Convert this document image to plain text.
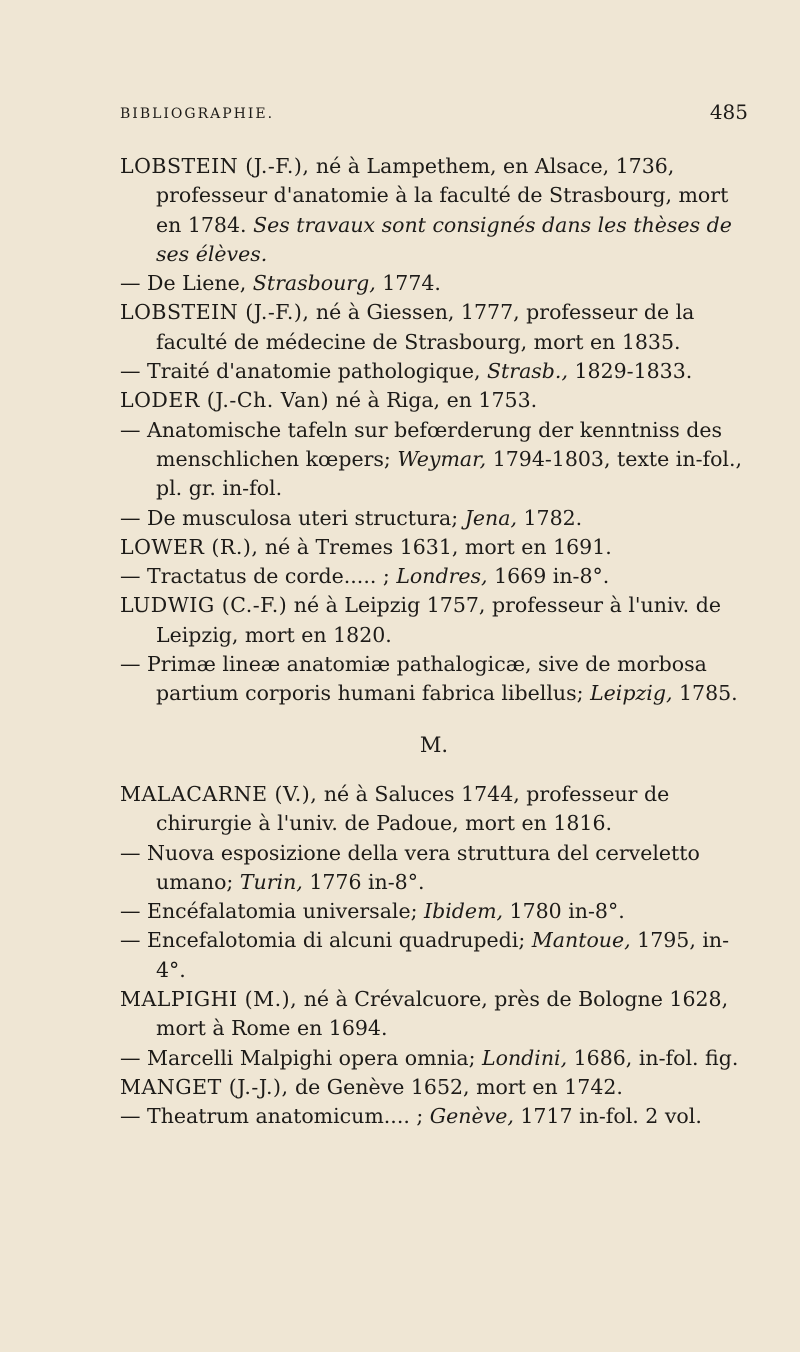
BIBLIOGRAPHIE.	485

LOBSTEIN (J.-F.), né à Lampethem, en Alsace, 1736, professeur d'anatomie à la faculté de Strasbourg, mort en 1784. Ses travaux sont consignés dans les thèses de ses élèves.

— De Liene, Strasbourg, 1774.

LOBSTEIN (J.-F.), né à Giessen, 1777, professeur de la faculté de médecine de Strasbourg, mort en 1835.

— Traité d'anatomie pathologique, Strasb., 1829-1833.

LODER (J.-Ch. Van) né à Riga, en 1753.

— Anatomische tafeln sur befœrderung der kenntniss des menschlichen kœpers; Weymar, 1794-1803, texte in-fol., pl. gr. in-fol.

— De musculosa uteri structura; Jena, 1782.

LOWER (R.), né à Tremes 1631, mort en 1691.

— Tractatus de corde..... ; Londres, 1669 in-8°.

LUDWIG (C.-F.) né à Leipzig 1757, professeur à l'univ. de Leipzig, mort en 1820.

— Primæ lineæ anatomiæ pathalogicæ, sive de morbosa partium corporis humani fabrica libellus; Leipzig, 1785.

M.

MALACARNE (V.), né à Saluces 1744, professeur de chirurgie à l'univ. de Padoue, mort en 1816.

— Nuova esposizione della vera struttura del cerveletto umano; Turin, 1776 in-8°.

— Encéfalatomia universale; Ibidem, 1780 in-8°.

— Encefalotomia di alcuni quadrupedi; Mantoue, 1795, in-4°.

MALPIGHI (M.), né à Crévalcuore, près de Bologne 1628, mort à Rome en 1694.

— Marcelli Malpighi opera omnia; Londini, 1686, in-fol. fig.

MANGET (J.-J.), de Genève 1652, mort en 1742.

— Theatrum anatomicum.... ; Genève, 1717 in-fol. 2 vol.
